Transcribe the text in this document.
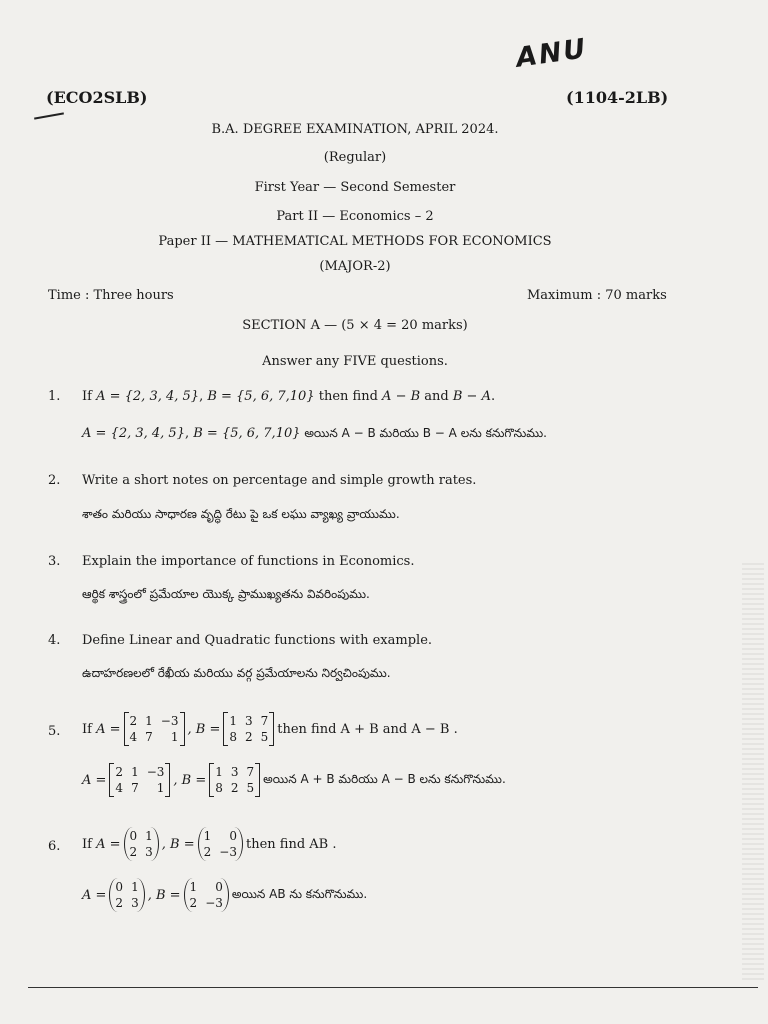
ANU
(ECO2SLB)	(1104-2LB)
B.A. DEGREE EXAMINATION, APRIL 2024.
(Regular)
First Year — Second Semester
Part II — Economics – 2
Paper II — MATHEMATICAL METHODS FOR ECONOMICS
(MAJOR-2)
Time : Three hours	Maximum : 70 marks
SECTION A — (5 × 4 = 20 marks)
Answer any FIVE questions.
1. If A = {2, 3, 4, 5}, B = {5, 6, 7,10} then find A − B and B − A.
A = {2, 3, 4, 5}, B = {5, 6, 7,10} అయిన A − B మరియు B − A లను కనుగొనుము.
2. Write a short notes on percentage and simple growth rates.
శాతం మరియు సాధారణ వృద్ధి రేటు పై ఒక లఘు వ్యాఖ్య వ్రాయుము.
3. Explain the importance of functions in Economics.
ఆర్థిక శాస్త్రంలో ప్రమేయాల యొక్క ప్రాముఖ్యతను వివరింపుము.
4. Define Linear and Quadratic functions with example.
ఉదాహరణలలో రేఖీయ మరియు వర్గ ప్రమేయాలను నిర్వచింపుము.
5. If
A =
2 1 −3
4 7	1
, B =
1 3 7
8 2 5
then find A + B and A − B .
A =
2 1 −3
4 7	1
, B =
1 3 7
8 2 5
అయిన A + B మరియు A − B లను కనుగొనుము.
6. If
A =
0 1
2 3
, B =
1	0
2 −3
then find AB .
A =
0 1
2 3
, B =
1	0
2 −3
అయిన AB ను కనుగొనుము.
